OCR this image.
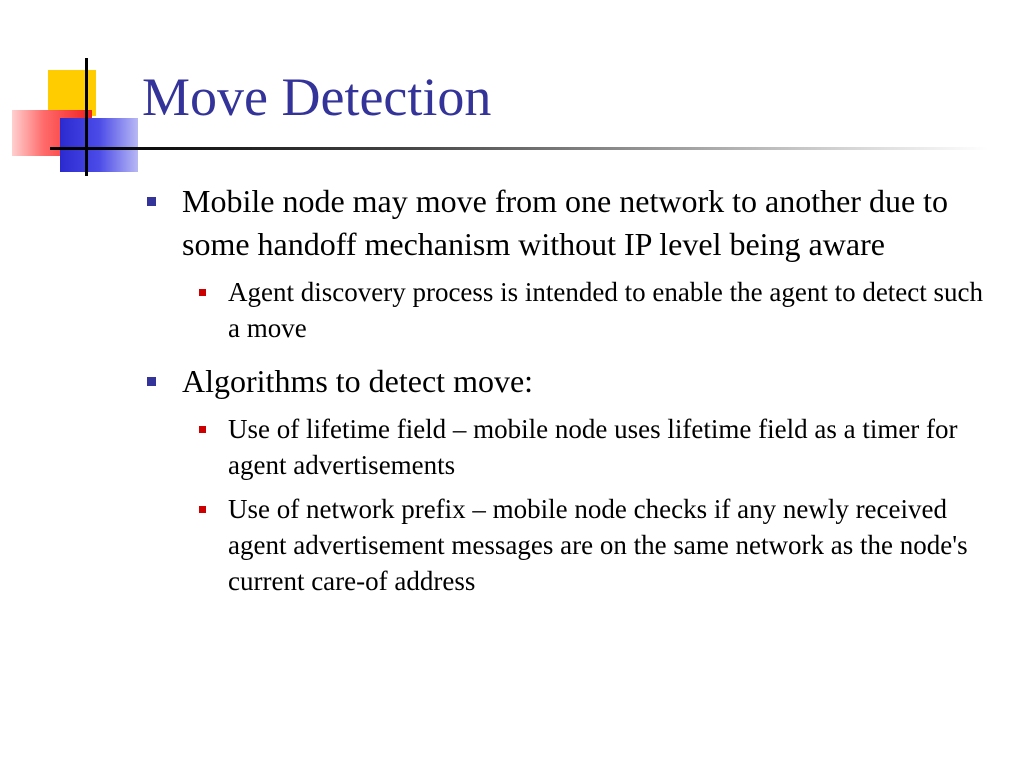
Move Detection
Mobile node may move from one network to another due to some handoff mechanism without IP level being aware
Agent discovery process is intended to enable the agent to detect such a move
Algorithms to detect move:
Use of lifetime field – mobile node uses lifetime field as a timer for agent advertisements
Use of network prefix – mobile node checks if any newly received agent advertisement messages are on the same network as the node's current care-of address
